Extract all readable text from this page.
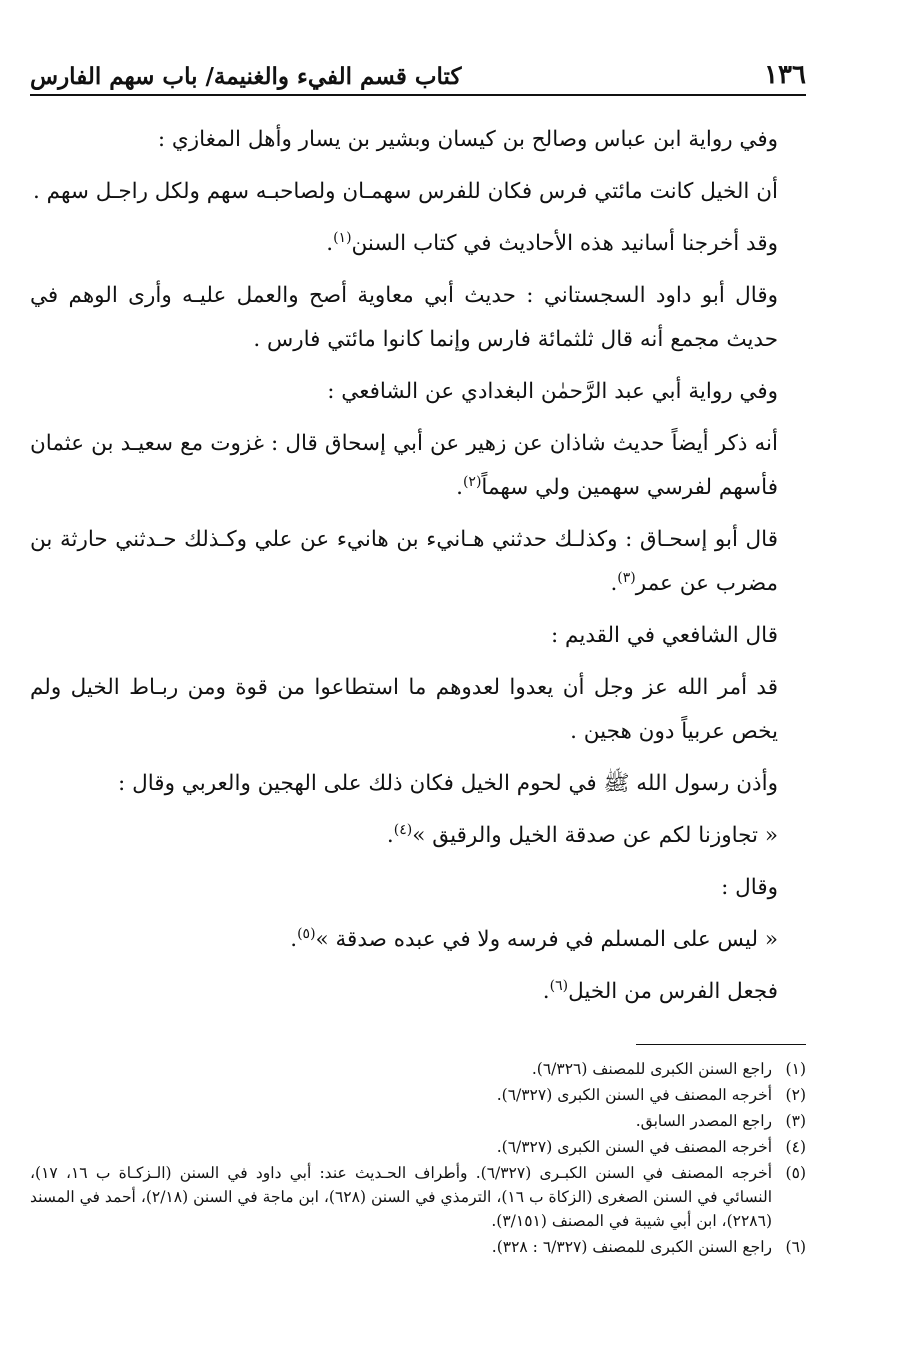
١٣٦
كتاب قسم الفيء والغنيمة/ باب سهم الفارس

وفي رواية ابن عباس وصالح بن كيسان وبشير بن يسار وأهل المغازي :

أن الخيل كانت مائتي فرس فكان للفرس سهمـان ولصاحبـه سهم ولكل راجـل سهم .

وقد أخرجنا أسانيد هذه الأحاديث في كتاب السنن$^{(١)}$.

وقال أبو داود السجستاني : حديث أبي معاوية أصح والعمل عليـه وأرى الوهم في حديث مجمع أنه قال ثلثمائة فارس وإنما كانوا مائتي فارس .

وفي رواية أبي عبد الرَّحمٰن البغدادي عن الشافعي :

أنه ذكر أيضاً حديث شاذان عن زهير عن أبي إسحاق قال : غزوت مع سعيـد بن عثمان فأسهم لفرسي سهمين ولي سهماً$^{(٢)}$.

قال أبو إسحـاق : وكذلـك حدثني هـانيء بن هانيء عن علي وكـذلك حـدثني حارثة بن مضرب عن عمر$^{(٣)}$.

قال الشافعي في القديم :

قد أمر الله عز وجل أن يعدوا لعدوهم ما استطاعوا من قوة ومن ربـاط الخيل ولم يخص عربياً دون هجين .

وأذن رسول الله ﷺ في لحوم الخيل فكان ذلك على الهجين والعربي وقال :

« تجاوزنا لكم عن صدقة الخيل والرقيق »$^{(٤)}$.

وقال :

« ليس على المسلم في فرسه ولا في عبده صدقة »$^{(٥)}$.

فجعل الفرس من الخيل$^{(٦)}$.

(١)
راجع السنن الكبرى للمصنف (٦/٣٢٦).
(٢)
أخرجه المصنف في السنن الكبرى (٦/٣٢٧).
(٣)
راجع المصدر السابق.
(٤)
أخرجه المصنف في السنن الكبرى (٦/٣٢٧).
(٥)
أخرجه المصنف في السنن الكبـرى (٦/٣٢٧). وأطراف الحـديث عند: أبي داود في السنن (الـزكـاة ب ١٦، ١٧)، النسائي في السنن الصغرى (الزكاة ب ١٦)، الترمذي في السنن (٦٢٨)، ابن ماجة في السنن (٢/١٨)، أحمد في المسند (٢٢٨٦)، ابن أبي شيبة في المصنف (٣/١٥١).
(٦)
راجع السنن الكبرى للمصنف (٦/٣٢٧ : ٣٢٨).
